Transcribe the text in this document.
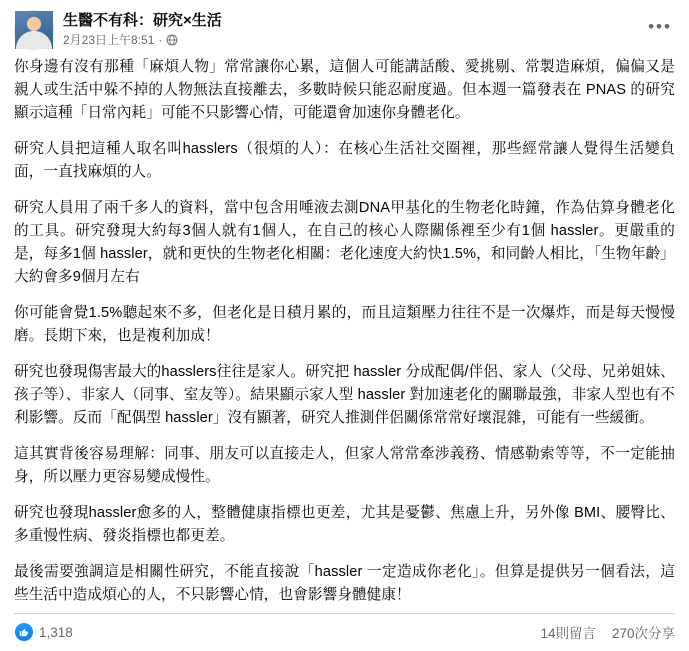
生醫不有科：研究×生活
2月23日上午8:51 ·
•••

你身邊有沒有那種「麻煩人物」常常讓你心累，這個人可能講話酸、愛挑剔、常製造麻煩，偏偏又是親人或生活中躲不掉的人物無法直接離去，多數時候只能忍耐度過。但本週一篇發表在 PNAS 的研究顯示這種「日常內耗」可能不只影響心情，可能還會加速你身體老化。

研究人員把這種人取名叫hasslers（很煩的人）：在核心生活社交圈裡，那些經常讓人覺得生活變負面，一直找麻煩的人。

研究人員用了兩千多人的資料，當中包含用唾液去測DNA甲基化的生物老化時鐘，作為估算身體老化的工具。研究發現大約每3個人就有1個人，在自己的核心人際關係裡至少有1個 hassler。更嚴重的是，每多1個 hassler，就和更快的生物老化相關：老化速度大約快1.5%，和同齡人相比，「生物年齡」大約會多9個月左右

你可能會覺1.5%聽起來不多，但老化是日積月累的，而且這類壓力往往不是一次爆炸，而是每天慢慢磨。長期下來，也是複利加成！

研究也發現傷害最大的hasslers往往是家人。研究把 hassler 分成配偶/伴侶、家人（父母、兄弟姐妹、孩子等）、非家人（同事、室友等）。結果顯示家人型 hassler 對加速老化的關聯最強，非家人型也有不利影響。反而「配偶型 hassler」沒有顯著，研究人推測伴侶關係常常好壞混雜，可能有一些緩衝。

這其實背後容易理解：同事、朋友可以直接走人，但家人常常牽涉義務、情感勒索等等，不一定能抽身，所以壓力更容易變成慢性。

研究也發現hassler愈多的人，整體健康指標也更差，尤其是憂鬱、焦慮上升，另外像 BMI、腰臀比、多重慢性病、發炎指標也都更差。

最後需要強調這是相關性研究，不能直接說「hassler 一定造成你老化」。但算是提供另一個看法，這些生活中造成煩心的人，不只影響心情，也會影響身體健康！

1,318	14則留言 270次分享
